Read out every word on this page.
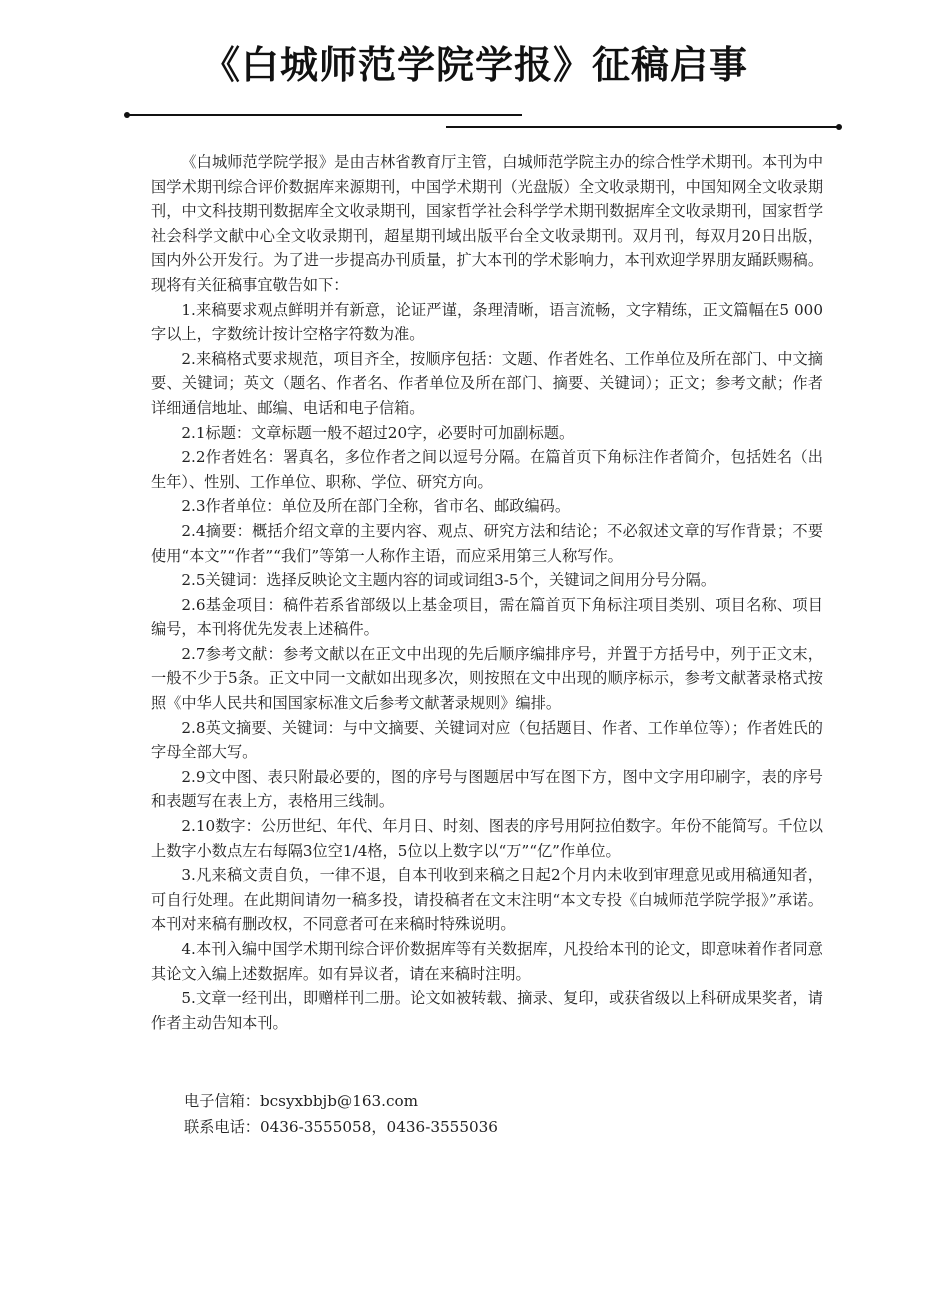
《白城师范学院学报》征稿启事

《白城师范学院学报》是由吉林省教育厅主管，白城师范学院主办的综合性学术期刊。本刊为中国学术期刊综合评价数据库来源期刊，中国学术期刊（光盘版）全文收录期刊，中国知网全文收录期刊，中文科技期刊数据库全文收录期刊，国家哲学社会科学学术期刊数据库全文收录期刊，国家哲学社会科学文献中心全文收录期刊，超星期刊域出版平台全文收录期刊。双月刊，每双月20日出版，国内外公开发行。为了进一步提高办刊质量，扩大本刊的学术影响力，本刊欢迎学界朋友踊跃赐稿。现将有关征稿事宜敬告如下：

1.来稿要求观点鲜明并有新意，论证严谨，条理清晰，语言流畅，文字精练，正文篇幅在5 000字以上，字数统计按计空格字符数为准。

2.来稿格式要求规范，项目齐全，按顺序包括：文题、作者姓名、工作单位及所在部门、中文摘要、关键词；英文（题名、作者名、作者单位及所在部门、摘要、关键词）；正文；参考文献；作者详细通信地址、邮编、电话和电子信箱。

2.1标题：文章标题一般不超过20字，必要时可加副标题。

2.2作者姓名：署真名，多位作者之间以逗号分隔。在篇首页下角标注作者简介，包括姓名（出生年）、性别、工作单位、职称、学位、研究方向。

2.3作者单位：单位及所在部门全称，省市名、邮政编码。

2.4摘要：概括介绍文章的主要内容、观点、研究方法和结论；不必叙述文章的写作背景；不要使用“本文”“作者”“我们”等第一人称作主语，而应采用第三人称写作。

2.5关键词：选择反映论文主题内容的词或词组3-5个，关键词之间用分号分隔。

2.6基金项目：稿件若系省部级以上基金项目，需在篇首页下角标注项目类别、项目名称、项目编号，本刊将优先发表上述稿件。

2.7参考文献：参考文献以在正文中出现的先后顺序编排序号，并置于方括号中，列于正文末，一般不少于5条。正文中同一文献如出现多次，则按照在文中出现的顺序标示，参考文献著录格式按照《中华人民共和国国家标准文后参考文献著录规则》编排。

2.8英文摘要、关键词：与中文摘要、关键词对应（包括题目、作者、工作单位等）；作者姓氏的字母全部大写。

2.9文中图、表只附最必要的，图的序号与图题居中写在图下方，图中文字用印刷字，表的序号和表题写在表上方，表格用三线制。

2.10数字：公历世纪、年代、年月日、时刻、图表的序号用阿拉伯数字。年份不能简写。千位以上数字小数点左右每隔3位空1/4格，5位以上数字以“万”“亿”作单位。

3.凡来稿文责自负，一律不退，自本刊收到来稿之日起2个月内未收到审理意见或用稿通知者，可自行处理。在此期间请勿一稿多投，请投稿者在文末注明“本文专投《白城师范学院学报》”承诺。本刊对来稿有删改权，不同意者可在来稿时特殊说明。

4.本刊入编中国学术期刊综合评价数据库等有关数据库，凡投给本刊的论文，即意味着作者同意其论文入编上述数据库。如有异议者，请在来稿时注明。

5.文章一经刊出，即赠样刊二册。论文如被转载、摘录、复印，或获省级以上科研成果奖者，请作者主动告知本刊。

电子信箱：bcsyxbbjb@163.com
联系电话：0436-3555058，0436-3555036
